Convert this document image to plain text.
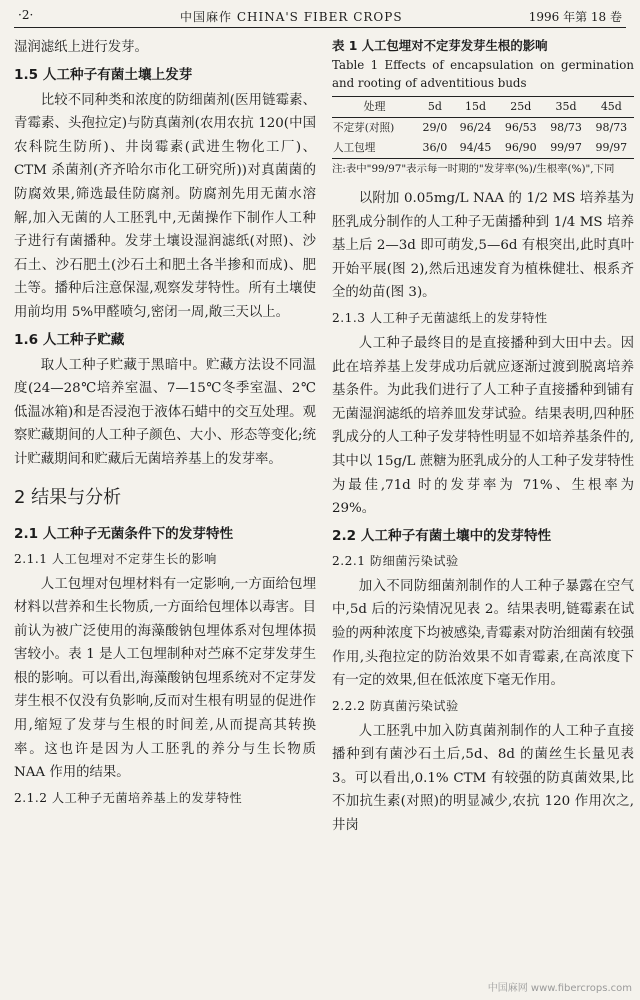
·2·	中国麻作 CHINA'S FIBER CROPS	1996 年第 18 卷

湿润滤纸上进行发芽。

1.5 人工种子有菌土壤上发芽

比较不同种类和浓度的防细菌剂(医用链霉素、青霉素、头孢拉定)与防真菌剂(农用农抗 120(中国农科院生防所)、井岗霉素(武进生物化工厂)、CTM 杀菌剂(齐齐哈尔市化工研究所))对真菌菌的防腐效果,筛选最佳防腐剂。防腐剂先用无菌水溶解,加入无菌的人工胚乳中,无菌操作下制作人工种子进行有菌播种。发芽土壤设湿润滤纸(对照)、沙石土、沙石肥土(沙石土和肥土各半掺和而成)、肥土等。播种后注意保湿,观察发芽特性。所有土壤使用前均用 5%甲醛喷匀,密闭一周,敞三天以上。

1.6 人工种子贮藏

取人工种子贮藏于黑暗中。贮藏方法设不同温度(24—28℃培养室温、7—15℃冬季室温、2℃低温冰箱)和是否浸泡于液体石蜡中的交互处理。观察贮藏期间的人工种子颜色、大小、形态等变化;统计贮藏期间和贮藏后无菌培养基上的发芽率。

2 结果与分析
2.1 人工种子无菌条件下的发芽特性
2.1.1 人工包埋对不定芽生长的影响

人工包埋对包埋材料有一定影响,一方面给包埋材料以营养和生长物质,一方面给包埋体以毒害。目前认为被广泛使用的海藻酸钠包埋体系对包埋体损害较小。表 1 是人工包埋制种对苎麻不定芽发芽生根的影响。可以看出,海藻酸钠包埋系统对不定芽发芽生根不仅没有负影响,反而对生根有明显的促进作用,缩短了发芽与生根的时间差,从而提高其转换率。这也许是因为人工胚乳的养分与生长物质 NAA 作用的结果。

2.1.2 人工种子无菌培养基上的发芽特性

表 1 人工包埋对不定芽发芽生根的影响

Table 1 Effects of encapsulation on germination and rooting of adventitious buds

处理	5d	15d	25d	35d	45d
不定芽(对照)	29/0	96/24	96/53	98/73	98/73
人工包埋	36/0	94/45	96/90	99/97	99/97

注:表中"99/97"表示每一时期的"发芽率(%)/生根率(%)",下同

以附加 0.05mg/L NAA 的 1/2 MS 培养基为胚乳成分制作的人工种子无菌播种到 1/4 MS 培养基上后 2—3d 即可萌发,5—6d 有根突出,此时真叶开始平展(图 2),然后迅速发育为植株健壮、根系齐全的幼苗(图 3)。

2.1.3 人工种子无菌滤纸上的发芽特性

人工种子最终目的是直接播种到大田中去。因此在培养基上发芽成功后就应逐渐过渡到脱离培养基条件。为此我们进行了人工种子直接播种到铺有无菌湿润滤纸的培养皿发芽试验。结果表明,四种胚乳成分的人工种子发芽特性明显不如培养基条件的,其中以 15g/L 蔗糖为胚乳成分的人工种子发芽特性为最佳,71d 时的发芽率为 71%、生根率为 29%。

2.2 人工种子有菌土壤中的发芽特性
2.2.1 防细菌污染试验

加入不同防细菌剂制作的人工种子暴露在空气中,5d 后的污染情况见表 2。结果表明,链霉素在试验的两种浓度下均被感染,青霉素对防治细菌有较强作用,头孢拉定的防治效果不如青霉素,在高浓度下有一定的效果,但在低浓度下毫无作用。

2.2.2 防真菌污染试验

人工胚乳中加入防真菌剂制作的人工种子直接播种到有菌沙石土后,5d、8d 的菌丝生长量见表 3。可以看出,0.1% CTM 有较强的防真菌效果,比不加抗生素(对照)的明显减少,农抗 120 作用次之,井岗

中国麻网 www.fibercrops.com
